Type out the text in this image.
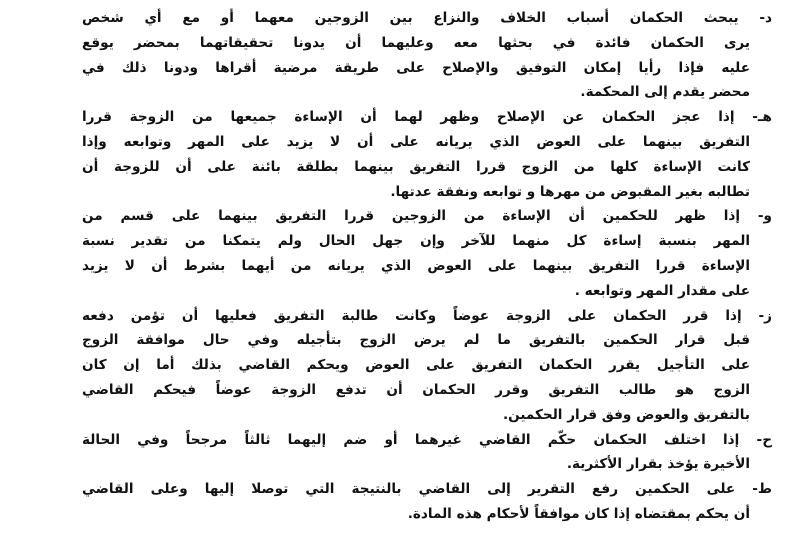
د- يبحث الحكمان أسباب الخلاف والنزاع بين الزوجين معهما أو مع أي شخص
يرى الحكمان فائدة في بحثها معه وعليهما أن يدونا تحقيقاتهما بمحضر يوقع
عليه فإذا رأيا إمكان التوفيق والإصلاح على طريقة مرضية أقراها ودونا ذلك في
محضر يقدم إلى المحكمة.
هـ- إذا عجز الحكمان عن الإصلاح وظهر لهما أن الإساءة جميعها من الزوجة قررا
التفريق بينهما على العوض الذي يريانه على أن لا يزيد على المهر وتوابعه وإذا
كانت الإساءة كلها من الزوج قررا التفريق بينهما بطلقة بائنة على أن للزوجة أن
تطالبه بغير المقبوض من مهرها و توابعه ونفقة عدتها.
و- إذا ظهر للحكمين أن الإساءة من الزوجين قررا التفريق بينهما على قسم من
المهر بنسبة إساءة كل منهما للآخر وإن جهل الحال ولم يتمكنا من تقدير نسبة
الإساءة قررا التفريق بينهما على العوض الذي يريانه من أيهما بشرط أن لا يزيد
على مقدار المهر وتوابعه .
ز- إذا قرر الحكمان على الزوجة عوضاً وكانت طالبة التفريق فعليها أن تؤمن دفعه
قبل قرار الحكمين بالتفريق ما لم يرض الزوج بتأجيله وفي حال موافقة الزوج
على التأجيل يقرر الحكمان التفريق على العوض ويحكم القاضي بذلك أما إن كان
الزوج هو طالب التفريق وقرر الحكمان أن تدفع الزوجة عوضاً فيحكم القاضي
بالتفريق والعوض وفق قرار الحكمين.
ح- إذا اختلف الحكمان حكّم القاضي غيرهما أو ضم إليهما ثالثاً مرجحاً وفي الحالة
الأخيرة يؤخذ بقرار الأكثرية.
ط- على الحكمين رفع التقرير إلى القاضي بالنتيجة التي توصلا إليها وعلى القاضي
أن يحكم بمقتضاه إذا كان موافقاً لأحكام هذه المادة.
